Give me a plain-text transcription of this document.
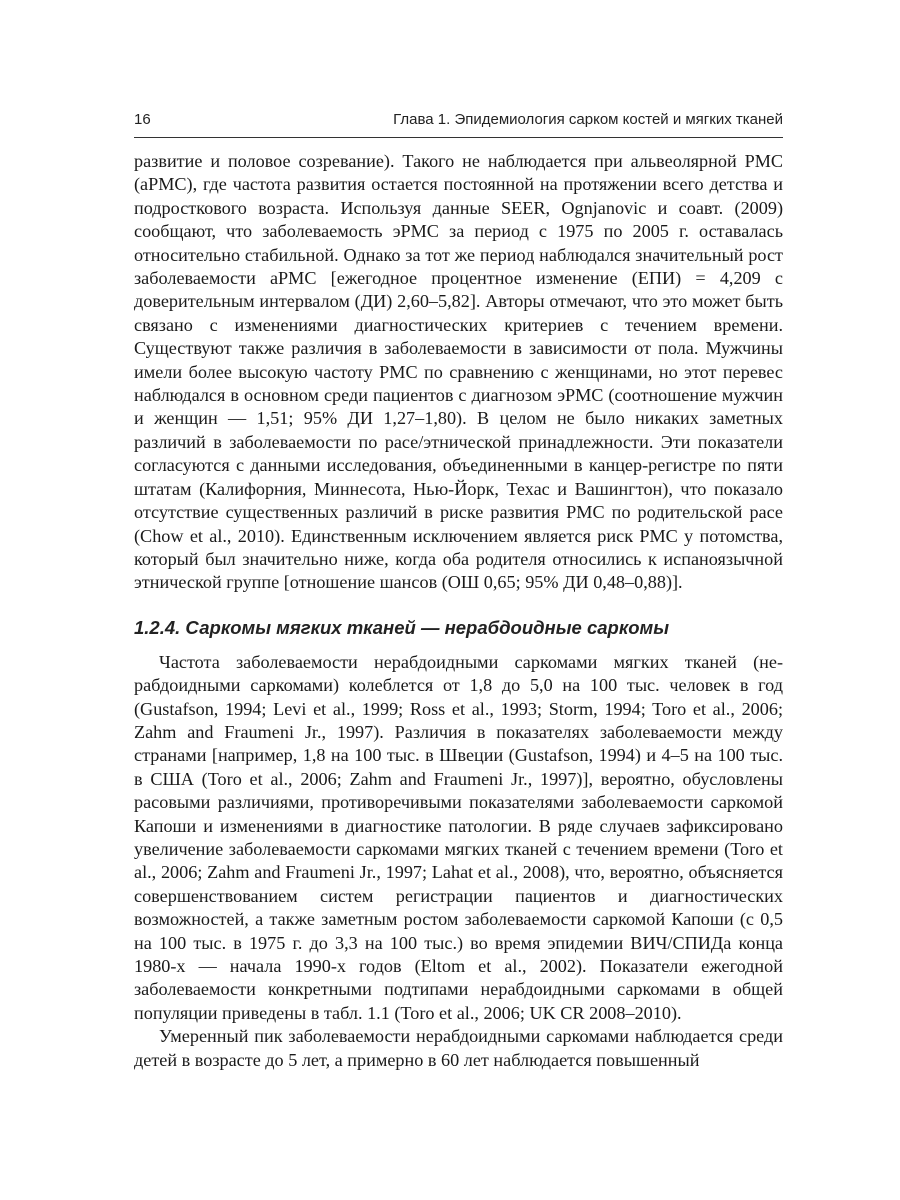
16	Глава 1. Эпидемиология сарком костей и мягких тканей

развитие и половое созревание). Такого не наблюдается при альвеолярной РМС (аРМС), где частота развития остается постоянной на протяжении всего детства и подросткового возраста. Используя данные SEER, Ognjanovic и соавт. (2009) сообщают, что заболеваемость эРМС за период с 1975 по 2005 г. оставалась относительно стабильной. Однако за тот же период наблюдался значительный рост заболеваемости аРМС [ежегодное процентное изменение (ЕПИ) = 4,209 с доверительным интервалом (ДИ) 2,60–5,82]. Авторы отмечают, что это может быть связано с изменениями диагностических критериев с течением времени. Существуют также различия в заболеваемости в зависимости от пола. Мужчины имели более высокую частоту РМС по сравнению с женщинами, но этот перевес наблюдался в основном среди пациентов с диагнозом эРМС (соотношение мужчин и женщин — 1,51; 95% ДИ 1,27–1,80). В целом не было никаких заметных различий в заболеваемости по расе/этнической принадлежности. Эти показатели согласуются с данными исследования, объединенными в канцер-регистре по пяти штатам (Калифорния, Миннесота, Нью-Йорк, Техас и Вашингтон), что показало отсутствие существенных различий в риске развития РМС по родительской расе (Chow et al., 2010). Единственным исключением является риск РМС у потомства, который был значительно ниже, когда оба родителя относились к испаноязычной этнической группе [отношение шансов (ОШ 0,65; 95% ДИ 0,48–0,88)].

1.2.4. Саркомы мягких тканей — нерабдоидные саркомы

Частота заболеваемости нерабдоидными саркомами мягких тканей (нерабдоидными саркомами) колеблется от 1,8 до 5,0 на 100 тыс. человек в год (Gustafson, 1994; Levi et al., 1999; Ross et al., 1993; Storm, 1994; Toro et al., 2006; Zahm and Fraumeni Jr., 1997). Различия в показателях заболеваемости между странами [например, 1,8 на 100 тыс. в Швеции (Gustafson, 1994) и 4–5 на 100 тыс. в США (Toro et al., 2006; Zahm and Fraumeni Jr., 1997)], вероятно, обусловлены расовыми различиями, противоречивыми показателями заболеваемости саркомой Капоши и изменениями в диагностике патологии. В ряде случаев зафиксировано увеличение заболеваемости саркомами мягких тканей с течением времени (Toro et al., 2006; Zahm and Fraumeni Jr., 1997; Lahat et al., 2008), что, вероятно, объясняется совершенствованием систем регистрации пациентов и диагностических возможностей, а также заметным ростом заболеваемости саркомой Капоши (с 0,5 на 100 тыс. в 1975 г. до 3,3 на 100 тыс.) во время эпидемии ВИЧ/СПИДа конца 1980-х — начала 1990-х годов (Eltom et al., 2002). Показатели ежегодной заболеваемости конкретными подтипами нерабдоидными саркомами в общей популяции приведены в табл. 1.1 (Toro et al., 2006; UK CR 2008–2010).

Умеренный пик заболеваемости нерабдоидными саркомами наблюдается среди детей в возрасте до 5 лет, а примерно в 60 лет наблюдается повышенный
